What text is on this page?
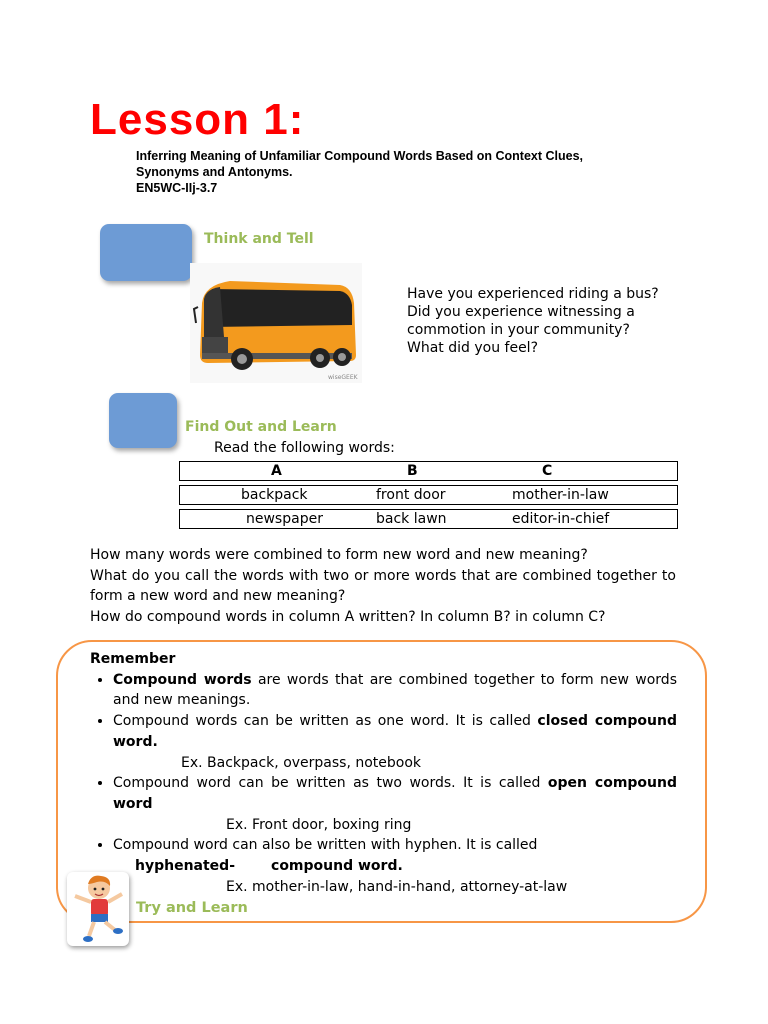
Lesson 1:
Inferring Meaning of Unfamiliar Compound Words Based on Context Clues,
Synonyms and Antonyms.
EN5WC-IIj-3.7
Think and Tell
wiseGEEK
Have you experienced riding a bus?
Did you experience witnessing a
commotion in your community?
What did you feel?
Find Out and Learn
Read the following words:
A	B	C
backpack	front door	mother-in-law
newspaper	back lawn	editor-in-chief
How many words were combined to form new word and new meaning?
What do you call the words with two or more words that are combined together to form a new word and new meaning?
How do compound words in column A written? In column B? in column C?
Remember
• Compound words are words that are combined together to form new words and new meanings.
• Compound words can be written as one word. It is called closed compound word.
Ex. Backpack, overpass, notebook
• Compound word can be written as two words. It is called open compound word
Ex. Front door, boxing ring
• Compound word can also be written with hyphen. It is called
hyphenated-	compound word.
Ex. mother-in-law, hand-in-hand, attorney-at-law
Try and Learn
